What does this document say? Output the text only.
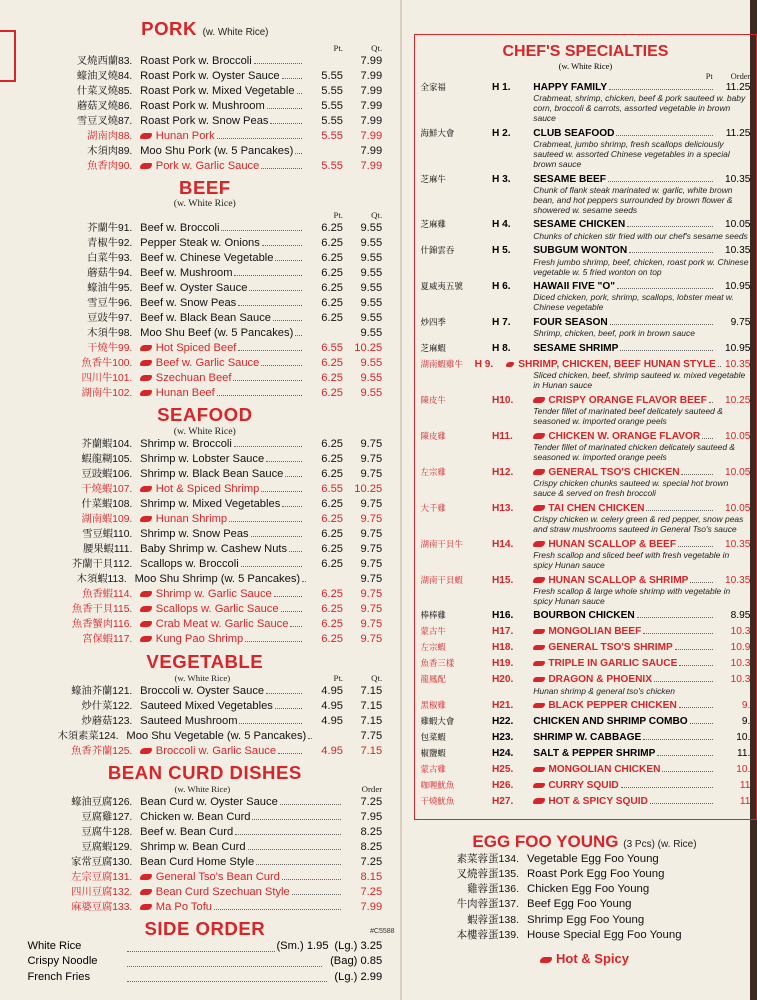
PORK (w. White Rice)
Pt.	Qt.
叉燒西蘭83. Roast Pork w. Broccoli	7.99
蠔油叉燒84. Roast Pork w. Oyster Sauce	5.55	7.99
什菜叉燒85. Roast Pork w. Mixed Vegetable	5.55	7.99
蘑菇叉燒86. Roast Pork w. Mushroom	5.55	7.99
雪豆叉燒87. Roast Pork w. Snow Peas	5.55	7.99
湖南肉88.	Hunan Pork	5.55	7.99
木須肉89. Moo Shu Pork (w. 5 Pancakes)	7.99
魚香肉90.	Pork w. Garlic Sauce	5.55	7.99
BEEF
(w. White Rice)
Pt.	Qt.
芥蘭牛91. Beef w. Broccoli	6.25	9.55
青椒牛92. Pepper Steak w. Onions	6.25	9.55
白菜牛93. Beef w. Chinese Vegetable	6.25	9.55
蘑菇牛94. Beef w. Mushroom	6.25	9.55
蠔油牛95. Beef w. Oyster Sauce	6.25	9.55
雪豆牛96. Beef w. Snow Peas	6.25	9.55
豆豉牛97. Beef w. Black Bean Sauce	6.25	9.55
木須牛98. Moo Shu Beef (w. 5 Pancakes)	9.55
干燒牛99.	Hot Spiced Beef	6.55 10.25
魚香牛100.	Beef w. Garlic Sauce	6.25	9.55
四川牛101.	Szechuan Beef	6.25	9.55
湖南牛102.	Hunan Beef	6.25	9.55
SEAFOOD
(w. White Rice)
芥蘭蝦104. Shrimp w. Broccoli	6.25	9.75
蝦龍糊105. Shrimp w. Lobster Sauce	6.25	9.75
豆豉蝦106. Shrimp w. Black Bean Sauce	6.25	9.75
干燒蝦107.	Hot & Spiced Shrimp	6.55 10.25
什菜蝦108. Shrimp w. Mixed Vegetables	6.25	9.75
湖南蝦109.	Hunan Shrimp	6.25	9.75
雪豆蝦110. Shrimp w. Snow Peas	6.25	9.75
腰果蝦111. Baby Shrimp w. Cashew Nuts	6.25	9.75
芥蘭干貝112. Scallops w. Broccoli	6.25	9.75
木須蝦113. Moo Shu Shrimp (w. 5 Pancakes)	9.75
魚香蝦114.	Shrimp w. Garlic Sauce	6.25	9.75
魚香干貝115.	Scallops w. Garlic Sauce	6.25	9.75
魚香蟹肉116.	Crab Meat w. Garlic Sauce	6.25	9.75
宮保蝦117.	Kung Pao Shrimp	6.25	9.75
VEGETABLE
(w. White Rice)	Pt.	Qt.
蠔油芥蘭121. Broccoli w. Oyster Sauce	4.95	7.15
炒什菜122. Sauteed Mixed Vegetables	4.95	7.15
炒蘑菇123. Sauteed Mushroom	4.95	7.15
木須素菜124. Moo Shu Vegetable (w. 5 Pancakes)	7.75
魚香芥蘭125.	Broccoli w. Garlic Sauce	4.95	7.15
BEAN CURD DISHES
(w. White Rice)	Order
蠔油豆腐126. Bean Curd w. Oyster Sauce	7.25
豆腐雞127. Chicken w. Bean Curd	7.95
豆腐牛128. Beef w. Bean Curd	8.25
豆腐蝦129. Shrimp w. Bean Curd	8.25
家常豆腐130. Bean Curd Home Style	7.25
左宗豆腐131.	General Tso's Bean Curd	8.15
四川豆腐132.	Bean Curd Szechuan Style	7.25
麻婆豆腐133.	Ma Po Tofu	7.99
SIDE ORDER
White Rice	(Sm.) 1.95 (Lg.) 3.25
Crispy Noodle	(Bag) 0.85
French Fries	(Lg.) 2.99
#C5588
CHEF'S SPECIALTIES
(w. White Rice)
Pt	Order
全家福	H 1.	HAPPY FAMILY	11.25
Crabmeat, shrimp, chicken, beef & pork sauteed w. baby corn, broccoli & carrots, assorted vegetable in brown sauce
海鮮大會	H 2.	CLUB SEAFOOD	11.25
Crabmeat, jumbo shrimp, fresh scallops deliciously sauteed w. assorted Chinese vegetables in a special brown sauce
芝麻牛	H 3.	SESAME BEEF	10.35
Chunk of flank steak marinated w. garlic, white brown bean, and hot peppers surrounded by brown flower & showered w. sesame seeds
芝麻雞	H 4.	SESAME CHICKEN	10.05
Chunks of chicken stir fried with our chef's sesame seeds
什錦雲吞	H 5.	SUBGUM WONTON	10.35
Fresh jumbo shrimp, beef, chicken, roast pork w. Chinese vegetable w. 5 fried wonton on top
夏威夷五號	H 6.	HAWAII FIVE "O"	10.95
Diced chicken, pork, shrimp, scallops, lobster meat w. Chinese vegetable
炒四季	H 7.	FOUR SEASON	9.75
Shrimp, chicken, beef, pork in brown sauce
芝麻蝦	H 8.	SESAME SHRIMP	10.95
湖南蝦雞牛	H 9.	SHRIMP, CHICKEN, BEEF HUNAN STYLE 10.35
Sliced chicken, beef, shrimp sauteed w. mixed vegetable in Hunan sauce
陳皮牛	H10.	CRISPY ORANGE FLAVOR BEEF	10.25
Tender fillet of marinated beef delicately sauteed & seasoned w. imported orange peels
陳皮雞	H11.	CHICKEN W. ORANGE FLAVOR	10.05
Tender fillet of marinated chicken delicately sauteed & seasoned w. imported orange peels
左宗雞	H12.	GENERAL TSO'S CHICKEN	10.05
Crispy chicken chunks sauteed w. special hot brown sauce & served on fresh broccoli
大千雞	H13.	TAI CHEN CHICKEN	10.05
Crispy chicken w. celery green & red pepper, snow peas and straw mushrooms sauteed in General Tso's sauce
湖南干貝牛	H14.	HUNAN SCALLOP & BEEF	10.35
Fresh scallop and sliced beef with fresh vegetable in spicy Hunan sauce
湖南干貝蝦	H15.	HUNAN SCALLOP & SHRIMP	10.35
Fresh scallop & large whole shrimp with vegetable in spicy Hunan sauce
棒棒雞	H16.	BOURBON CHICKEN	8.95
蒙古牛	H17.	MONGOLIAN BEEF	10.3
左宗蝦	H18.	GENERAL TSO'S SHRIMP	10.9
魚香三樣	H19.	TRIPLE IN GARLIC SAUCE	10.3
龍鳳配	H20.	DRAGON & PHOENIX	10.3
Hunan shrimp & general tso's chicken
黑椒雞	H21.	BLACK PEPPER CHICKEN	9.
雞蝦大會	H22.	CHICKEN AND SHRIMP COMBO	9.
包菜蝦	H23.	SHRIMP W. CABBAGE	10.
椒鹽蝦	H24.	SALT & PEPPER SHRIMP	11.
蒙古雞	H25.	MONGOLIAN CHICKEN	10.
咖喱魷魚	H26.	CURRY SQUID	11
干燒魷魚	H27.	HOT & SPICY SQUID	11
EGG FOO YOUNG (3 Pcs) (w. Rice)
素菜蓉蛋134. Vegetable Egg Foo Young
叉燒蓉蛋135. Roast Pork Egg Foo Young
雞蓉蛋136. Chicken Egg Foo Young
牛肉蓉蛋137. Beef Egg Foo Young
蝦蓉蛋138. Shrimp Egg Foo Young
本樓蓉蛋139. House Special Egg Foo Young
Hot & Spicy
